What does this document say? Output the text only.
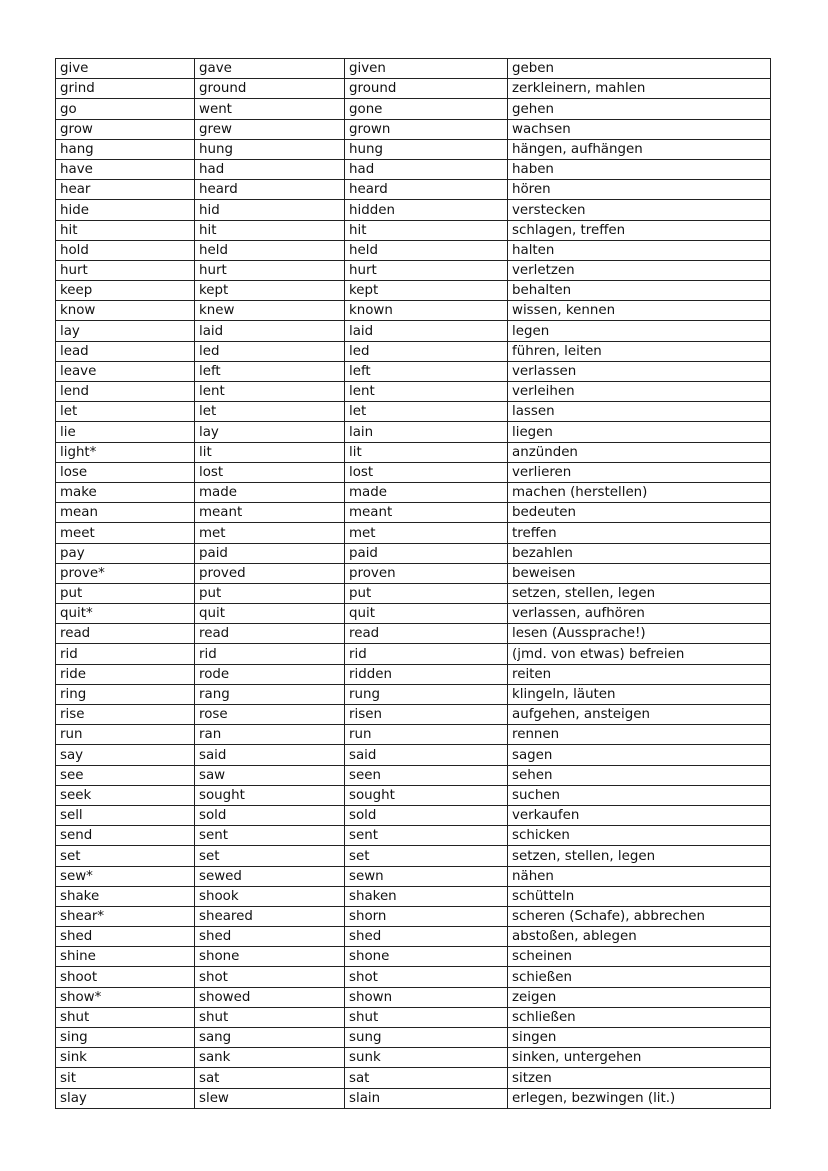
give	gave	given	geben
grind	ground	ground	zerkleinern, mahlen
go	went	gone	gehen
grow	grew	grown	wachsen
hang	hung	hung	hängen, aufhängen
have	had	had	haben
hear	heard	heard	hören
hide	hid	hidden	verstecken
hit	hit	hit	schlagen, treffen
hold	held	held	halten
hurt	hurt	hurt	verletzen
keep	kept	kept	behalten
know	knew	known	wissen, kennen
lay	laid	laid	legen
lead	led	led	führen, leiten
leave	left	left	verlassen
lend	lent	lent	verleihen
let	let	let	lassen
lie	lay	lain	liegen
light*	lit	lit	anzünden
lose	lost	lost	verlieren
make	made	made	machen (herstellen)
mean	meant	meant	bedeuten
meet	met	met	treffen
pay	paid	paid	bezahlen
prove*	proved	proven	beweisen
put	put	put	setzen, stellen, legen
quit*	quit	quit	verlassen, aufhören
read	read	read	lesen (Aussprache!)
rid	rid	rid	(jmd. von etwas) befreien
ride	rode	ridden	reiten
ring	rang	rung	klingeln, läuten
rise	rose	risen	aufgehen, ansteigen
run	ran	run	rennen
say	said	said	sagen
see	saw	seen	sehen
seek	sought	sought	suchen
sell	sold	sold	verkaufen
send	sent	sent	schicken
set	set	set	setzen, stellen, legen
sew*	sewed	sewn	nähen
shake	shook	shaken	schütteln
shear*	sheared	shorn	scheren (Schafe), abbrechen
shed	shed	shed	abstoßen, ablegen
shine	shone	shone	scheinen
shoot	shot	shot	schießen
show*	showed	shown	zeigen
shut	shut	shut	schließen
sing	sang	sung	singen
sink	sank	sunk	sinken, untergehen
sit	sat	sat	sitzen
slay	slew	slain	erlegen, bezwingen (lit.)
